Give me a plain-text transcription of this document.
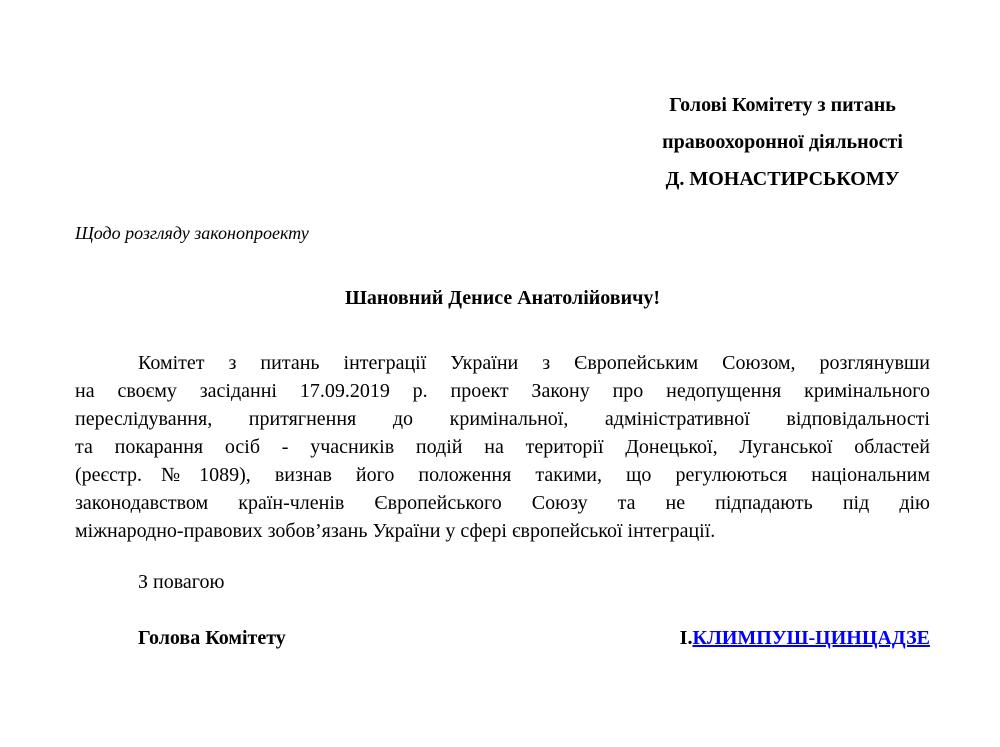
Голові Комітету з питань
правоохоронної діяльності
Д. МОНАСТИРСЬКОМУ
Щодо розгляду законопроекту
Шановний Денисе Анатолійовичу!
Комітет з питань інтеграції України з Європейським Союзом, розглянувши
на своєму засіданні 17.09.2019 р. проект Закону про недопущення кримінального
переслідування, притягнення до кримінальної, адміністративної відповідальності
та покарання осіб - учасників подій на території Донецької, Луганської областей
(реєстр.№1089), визнав його положення такими, що регулюються національним
законодавством країн-членів Європейського Союзу та не підпадають під дію
міжнародно-правових зобов’язань України у сфері європейської інтеграції.
З повагою
Голова Комітету	І.КЛИМПУШ-ЦИНЦАДЗЕ
